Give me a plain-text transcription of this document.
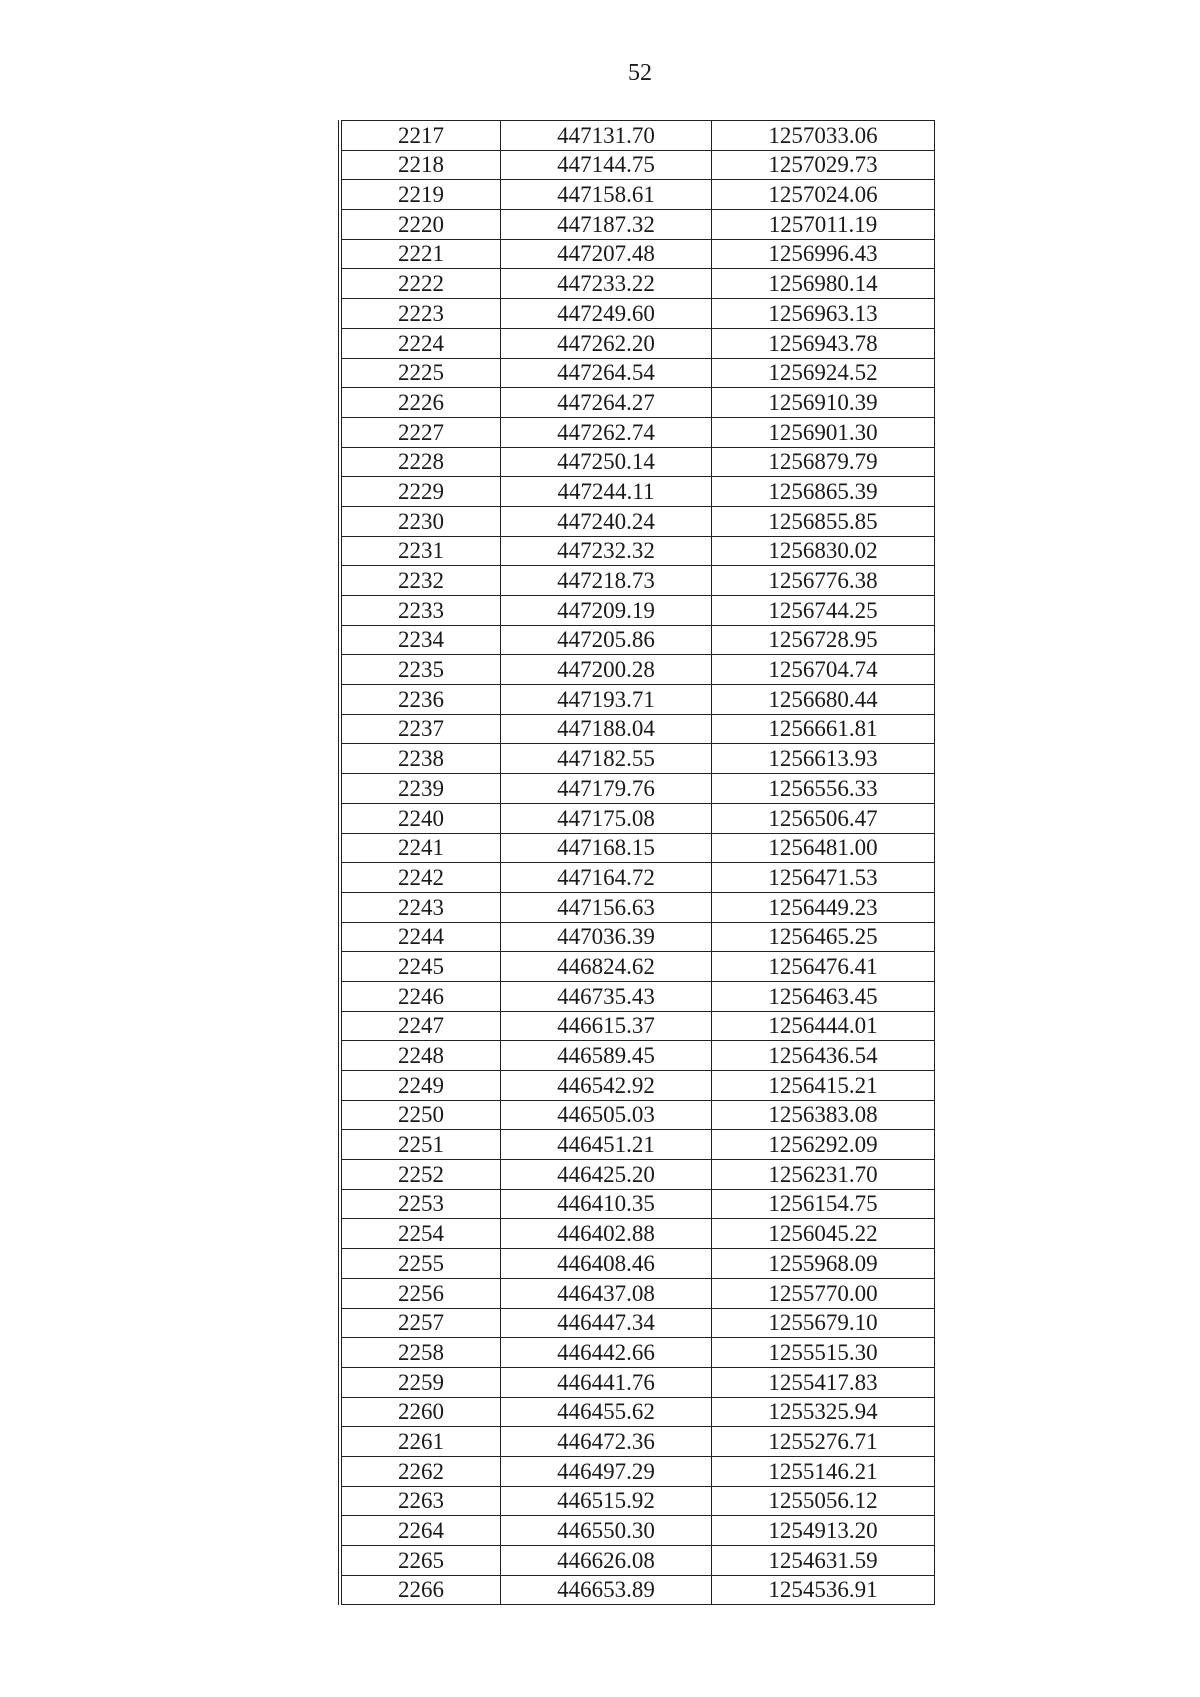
52
2217	447131.70	1257033.06
2218	447144.75	1257029.73
2219	447158.61	1257024.06
2220	447187.32	1257011.19
2221	447207.48	1256996.43
2222	447233.22	1256980.14
2223	447249.60	1256963.13
2224	447262.20	1256943.78
2225	447264.54	1256924.52
2226	447264.27	1256910.39
2227	447262.74	1256901.30
2228	447250.14	1256879.79
2229	447244.11	1256865.39
2230	447240.24	1256855.85
2231	447232.32	1256830.02
2232	447218.73	1256776.38
2233	447209.19	1256744.25
2234	447205.86	1256728.95
2235	447200.28	1256704.74
2236	447193.71	1256680.44
2237	447188.04	1256661.81
2238	447182.55	1256613.93
2239	447179.76	1256556.33
2240	447175.08	1256506.47
2241	447168.15	1256481.00
2242	447164.72	1256471.53
2243	447156.63	1256449.23
2244	447036.39	1256465.25
2245	446824.62	1256476.41
2246	446735.43	1256463.45
2247	446615.37	1256444.01
2248	446589.45	1256436.54
2249	446542.92	1256415.21
2250	446505.03	1256383.08
2251	446451.21	1256292.09
2252	446425.20	1256231.70
2253	446410.35	1256154.75
2254	446402.88	1256045.22
2255	446408.46	1255968.09
2256	446437.08	1255770.00
2257	446447.34	1255679.10
2258	446442.66	1255515.30
2259	446441.76	1255417.83
2260	446455.62	1255325.94
2261	446472.36	1255276.71
2262	446497.29	1255146.21
2263	446515.92	1255056.12
2264	446550.30	1254913.20
2265	446626.08	1254631.59
2266	446653.89	1254536.91
